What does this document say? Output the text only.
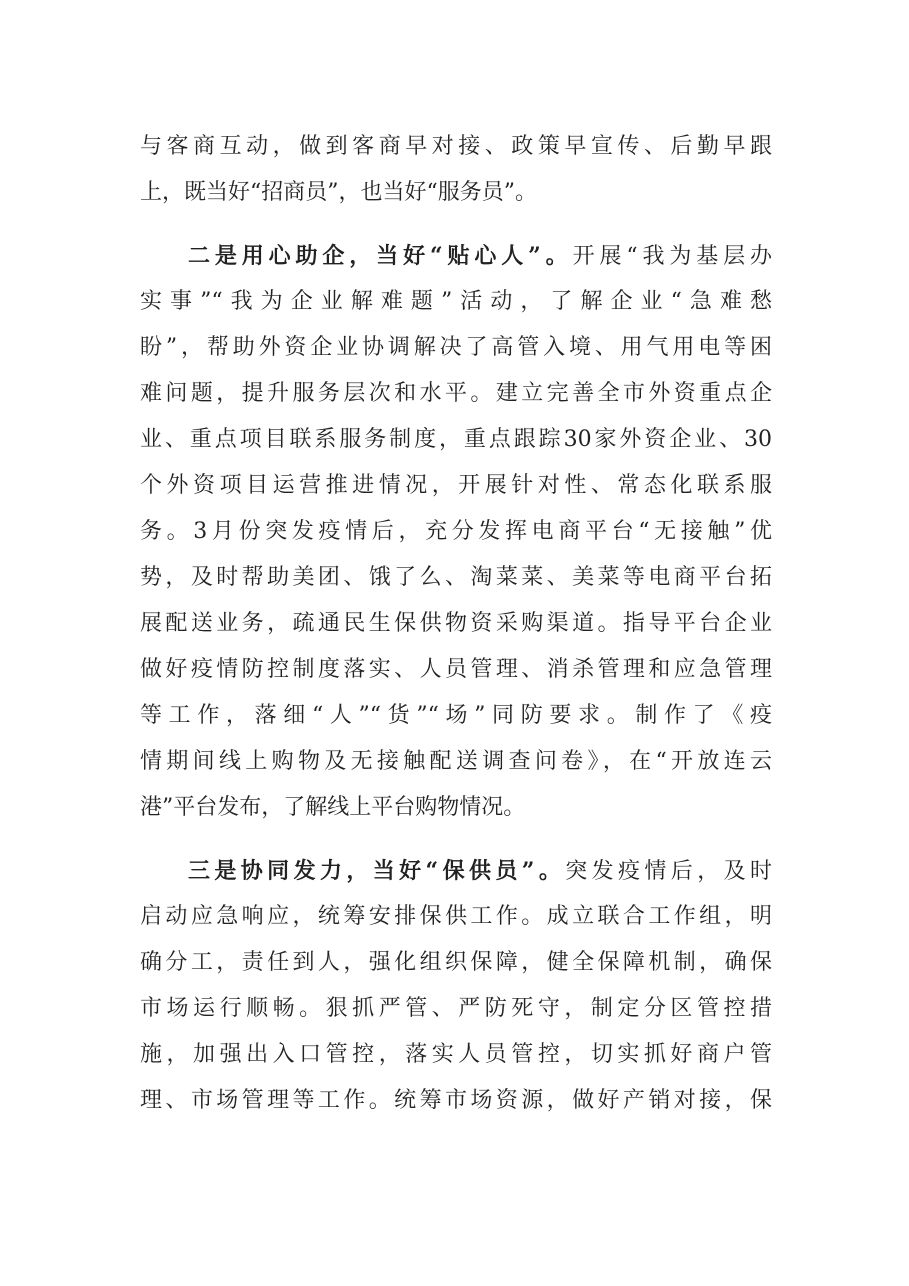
与客商互动，做到客商早对接、政策早宣传、后勤早跟
上，既当好“招商员”，也当好“服务员”。
二是用心助企，当好“贴心人”。开展“我为基层办
实事”“我为企业解难题”活动，了解企业“急难愁
盼”，帮助外资企业协调解决了高管入境、用气用电等困
难问题，提升服务层次和水平。建立完善全市外资重点企
业、重点项目联系服务制度，重点跟踪30家外资企业、30
个外资项目运营推进情况，开展针对性、常态化联系服
务。3月份突发疫情后，充分发挥电商平台“无接触”优
势，及时帮助美团、饿了么、淘菜菜、美菜等电商平台拓
展配送业务，疏通民生保供物资采购渠道。指导平台企业
做好疫情防控制度落实、人员管理、消杀管理和应急管理
等工作，落细“人”“货”“场”同防要求。制作了《疫
情期间线上购物及无接触配送调查问卷》，在“开放连云
港”平台发布，了解线上平台购物情况。
三是协同发力，当好“保供员”。突发疫情后，及时
启动应急响应，统筹安排保供工作。成立联合工作组，明
确分工，责任到人，强化组织保障，健全保障机制，确保
市场运行顺畅。狠抓严管、严防死守，制定分区管控措
施，加强出入口管控，落实人员管控，切实抓好商户管
理、市场管理等工作。统筹市场资源，做好产销对接，保
